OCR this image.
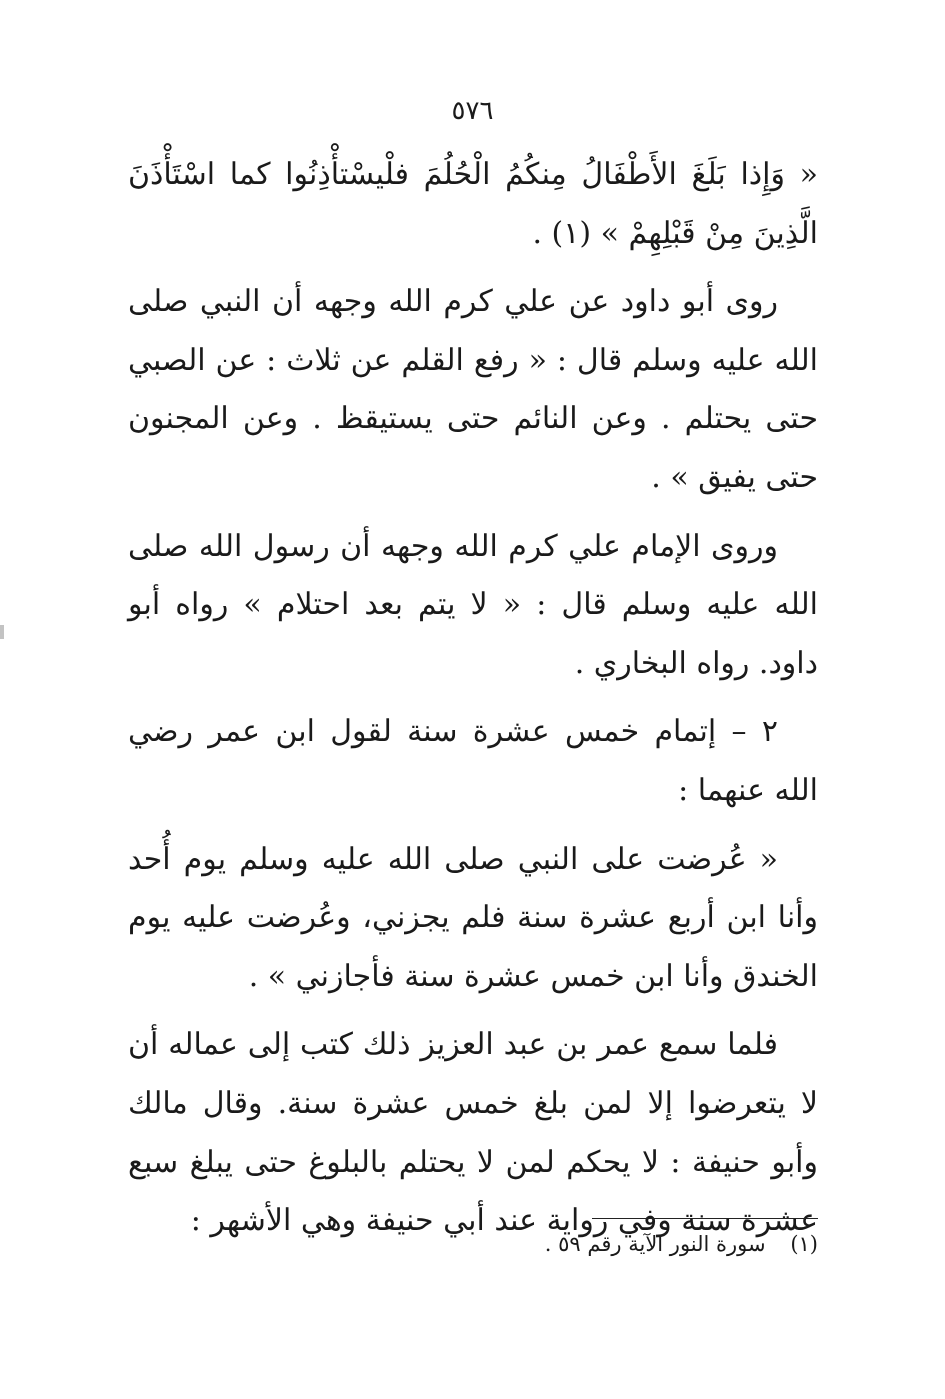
٥٧٦

« وَإِذا بَلَغَ الأَطْفَالُ مِنكُمُ الْحُلُمَ فلْيسْتأْذِنُوا كما اسْتَأْذَنَ الَّذِينَ مِنْ قَبْلِهِمْ » (١) .

روى أبو داود عن علي كرم الله وجهه أن النبي صلى الله عليه وسلم قال : « رفع القلم عن ثلاث : عن الصبي حتى يحتلم . وعن النائم حتى يستيقظ . وعن المجنون حتى يفيق » .

وروى الإمام علي كرم الله وجهه أن رسول الله صلى الله عليه وسلم قال : « لا يتم بعد احتلام » رواه أبو داود. رواه البخاري .

٢ – إتمام خمس عشرة سنة لقول ابن عمر رضي الله عنهما :

« عُرضت على النبي صلى الله عليه وسلم يوم أُحد وأنا ابن أربع عشرة سنة فلم يجزني، وعُرضت عليه يوم الخندق وأنا ابن خمس عشرة سنة فأجازني » .

فلما سمع عمر بن عبد العزيز ذلك كتب إلى عماله أن لا يتعرضوا إلا لمن بلغ خمس عشرة سنة. وقال مالك وأبو حنيفة : لا يحكم لمن لا يحتلم بالبلوغ حتى يبلغ سبع عشرة سنة وفي رواية عند أبي حنيفة وهي الأشهر :

(١) سورة النور الآية رقم ٥٩ .
